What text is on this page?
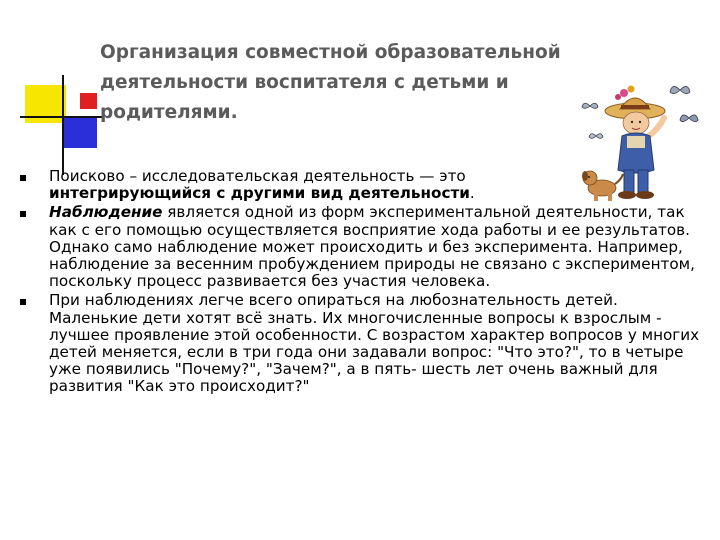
Организация совместной образовательной
деятельности воспитателя с детьми и
родителями.
Поисково – исследовательская деятельность — это
интегрирующийся с другими вид деятельности.
Наблюдение является одной из форм экспериментальной деятельности, так как с его помощью осуществляется восприятие хода работы и ее результатов. Однако само наблюдение может происходить и без эксперимента. Например, наблюдение за весенним пробуждением природы не связано с экспериментом, поскольку процесс развивается без участия человека.
При наблюдениях легче всего опираться на любознательность детей. Маленькие дети хотят всё знать. Их многочисленные вопросы к взрослым - лучшее проявление этой особенности. С возрастом характер вопросов у многих детей меняется, если в три года они задавали вопрос: "Что это?", то в четыре уже появились "Почему?", "Зачем?", а в пять- шесть лет очень важный для развития "Как это происходит?"
